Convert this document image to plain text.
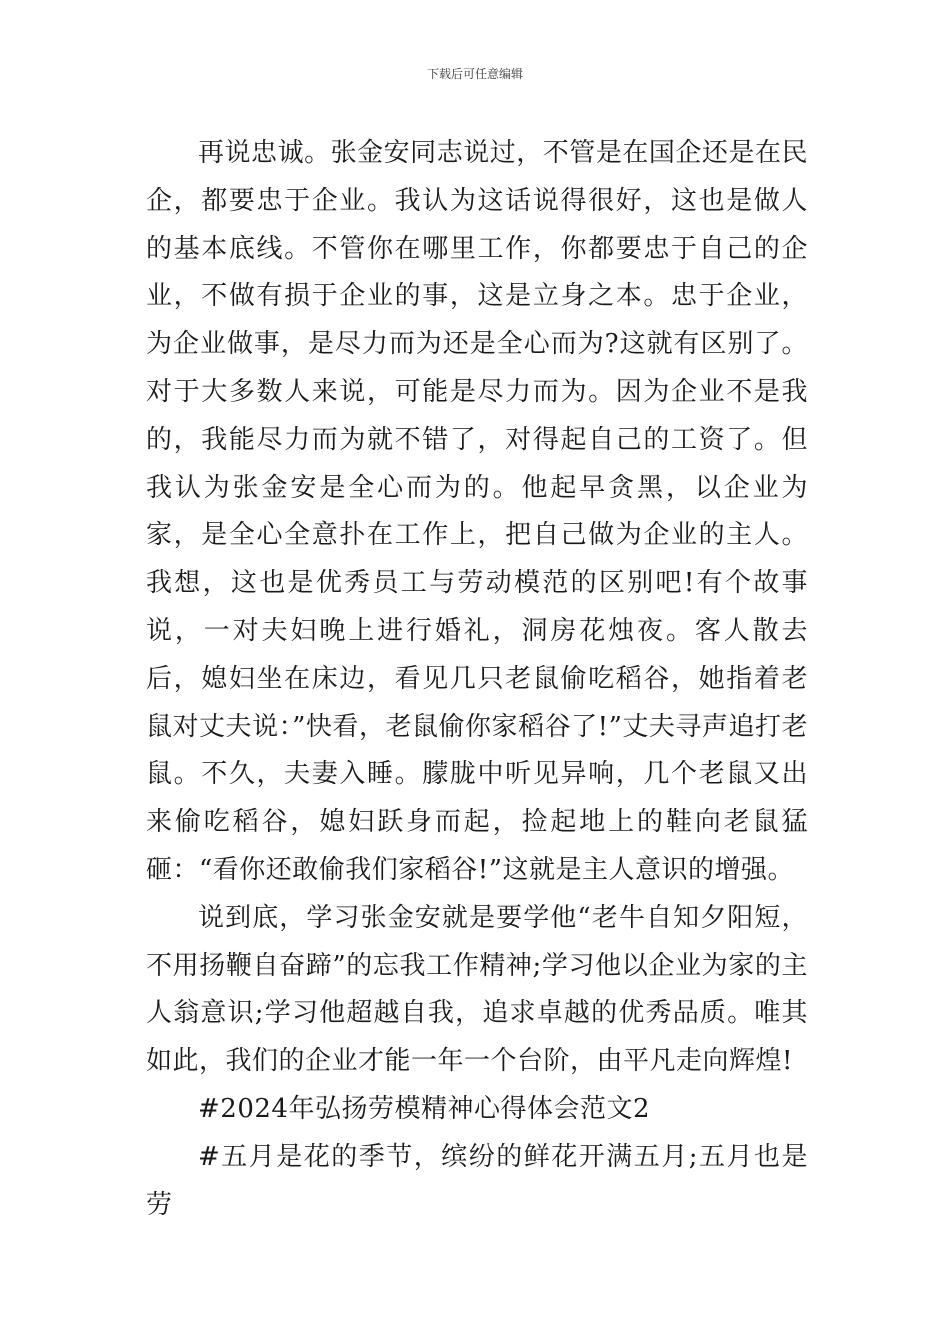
下载后可任意编辑

再说忠诚。张金安同志说过，不管是在国企还是在民企，都要忠于企业。我认为这话说得很好，这也是做人的基本底线。不管你在哪里工作，你都要忠于自己的企业，不做有损于企业的事，这是立身之本。忠于企业，为企业做事，是尽力而为还是全心而为?这就有区别了。对于大多数人来说，可能是尽力而为。因为企业不是我的，我能尽力而为就不错了，对得起自己的工资了。但我认为张金安是全心而为的。他起早贪黑，以企业为家，是全心全意扑在工作上，把自己做为企业的主人。我想，这也是优秀员工与劳动模范的区别吧!有个故事说，一对夫妇晚上进行婚礼，洞房花烛夜。客人散去后，媳妇坐在床边，看见几只老鼠偷吃稻谷，她指着老鼠对丈夫说：”快看，老鼠偷你家稻谷了!”丈夫寻声追打老鼠。不久，夫妻入睡。朦胧中听见异响，几个老鼠又出来偷吃稻谷，媳妇跃身而起，捡起地上的鞋向老鼠猛砸：“看你还敢偷我们家稻谷!”这就是主人意识的增强。

说到底，学习张金安就是要学他“老牛自知夕阳短，不用扬鞭自奋蹄”的忘我工作精神;学习他以企业为家的主人翁意识;学习他超越自我，追求卓越的优秀品质。唯其如此，我们的企业才能一年一个台阶，由平凡走向辉煌!

#2024年弘扬劳模精神心得体会范文2

#五月是花的季节，缤纷的鲜花开满五月;五月也是劳
